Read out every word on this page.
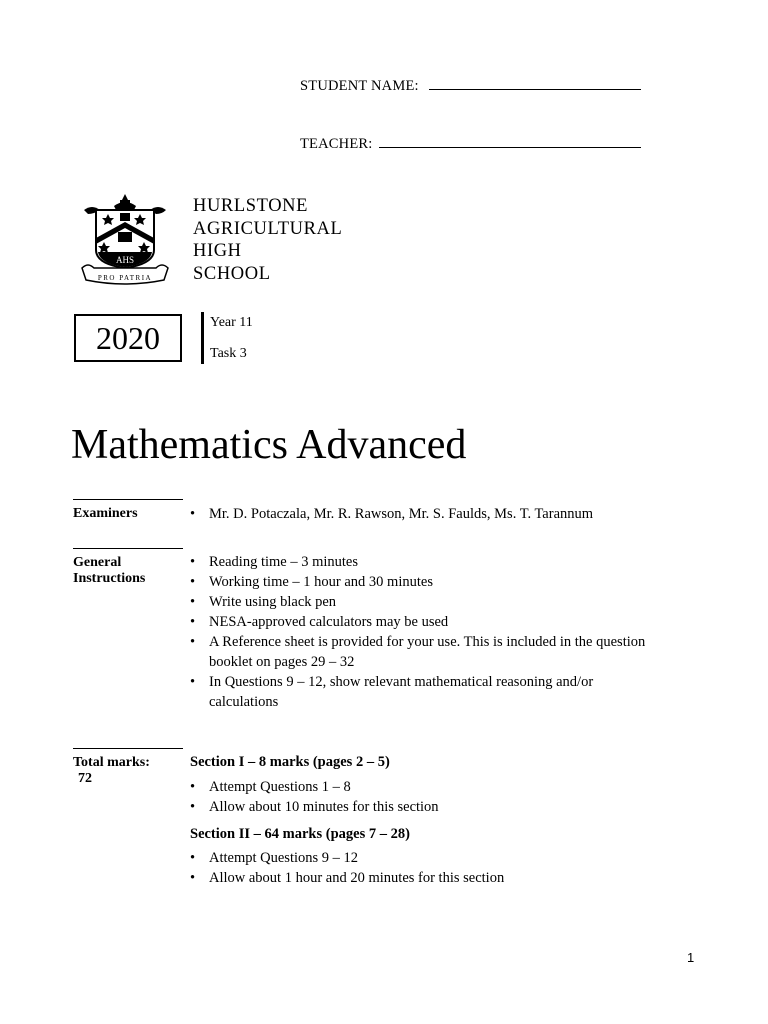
STUDENT NAME:
TEACHER:
AHS
PRO PATRIA
HURLSTONE
AGRICULTURAL
HIGH
SCHOOL
2020	Year 11
Task 3
Mathematics Advanced
Examiners	• Mr. D. Potaczala, Mr. R. Rawson, Mr. S. Faulds, Ms. T. Tarannum
General
Instructions
• Reading time – 3 minutes
• Working time – 1 hour and 30 minutes
• Write using black pen
• NESA-approved calculators may be used
• A Reference sheet is provided for your use. This is included in the question booklet on pages 29 – 32
• In Questions 9 – 12, show relevant mathematical reasoning and/or calculations
Total marks:
72
Section I – 8 marks (pages 2 – 5)
• Attempt Questions 1 – 8
• Allow about 10 minutes for this section
Section II – 64 marks (pages 7 – 28)
• Attempt Questions 9 – 12
• Allow about 1 hour and 20 minutes for this section
1
